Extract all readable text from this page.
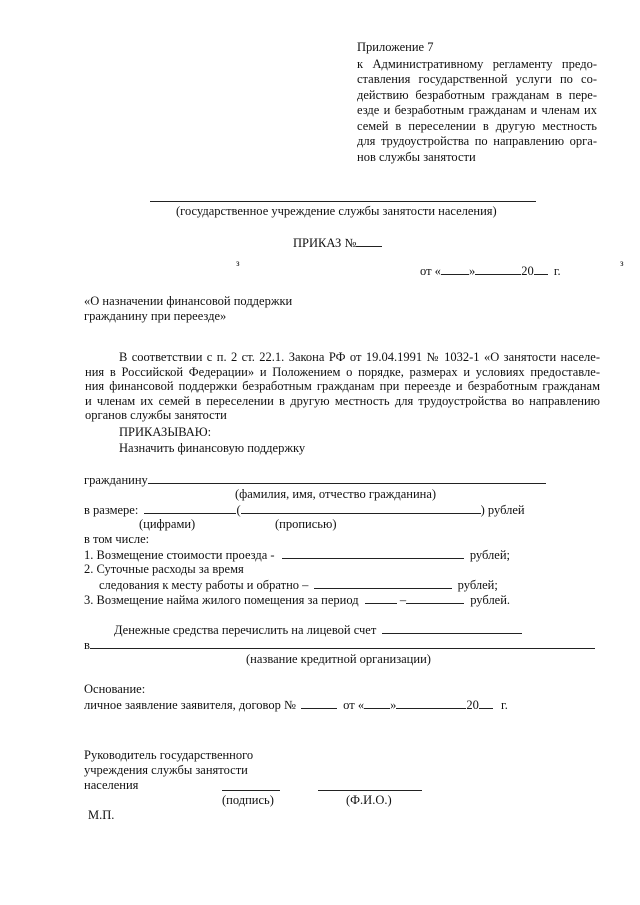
Приложение 7
к Административному регламенту предо-
ставления государственной услуги по со-
действию безработным гражданам в пере-
езде и безработным гражданам и членам их
семей в переселении в другую местность
для трудоустройства по направлению орга-
нов службы занятости
(государственное учреждение службы занятости населения)
ПРИКАЗ №
з	з
от « »	20 г.
«О назначении финансовой поддержки
гражданину при переезде»
В соответствии с п. 2 ст. 22.1. Закона РФ от 19.04.1991 № 1032-1 «О занятости населе-
ния в Российской Федерации» и Положением о порядке, размерах и условиях предоставле-
ния финансовой поддержки безработным гражданам при переезде и безработным гражданам
и членам их семей в переселении в другую местность для трудоустройства во направлению
органов службы занятости
ПРИКАЗЫВАЮ:
Назначить финансовую поддержку
гражданину
(фамилия, имя, отчество гражданина)
в размере:	(	) рублей
(цифрами)	(прописью)
в том числе:
1. Возмещение стоимости проезда -	рублей;
2. Суточные расходы за время
следования к месту работы и обратно –	рублей;
3. Возмещение найма жилого помещения за период	–	рублей.
Денежные средства перечислить на лицевой счет
в
(название кредитной организации)
Основание:
личное заявление заявителя, договор №	от « »	20 г.
Руководитель государственного
учреждения службы занятости
населения
(подпись)	(Ф.И.О.)
М.П.
